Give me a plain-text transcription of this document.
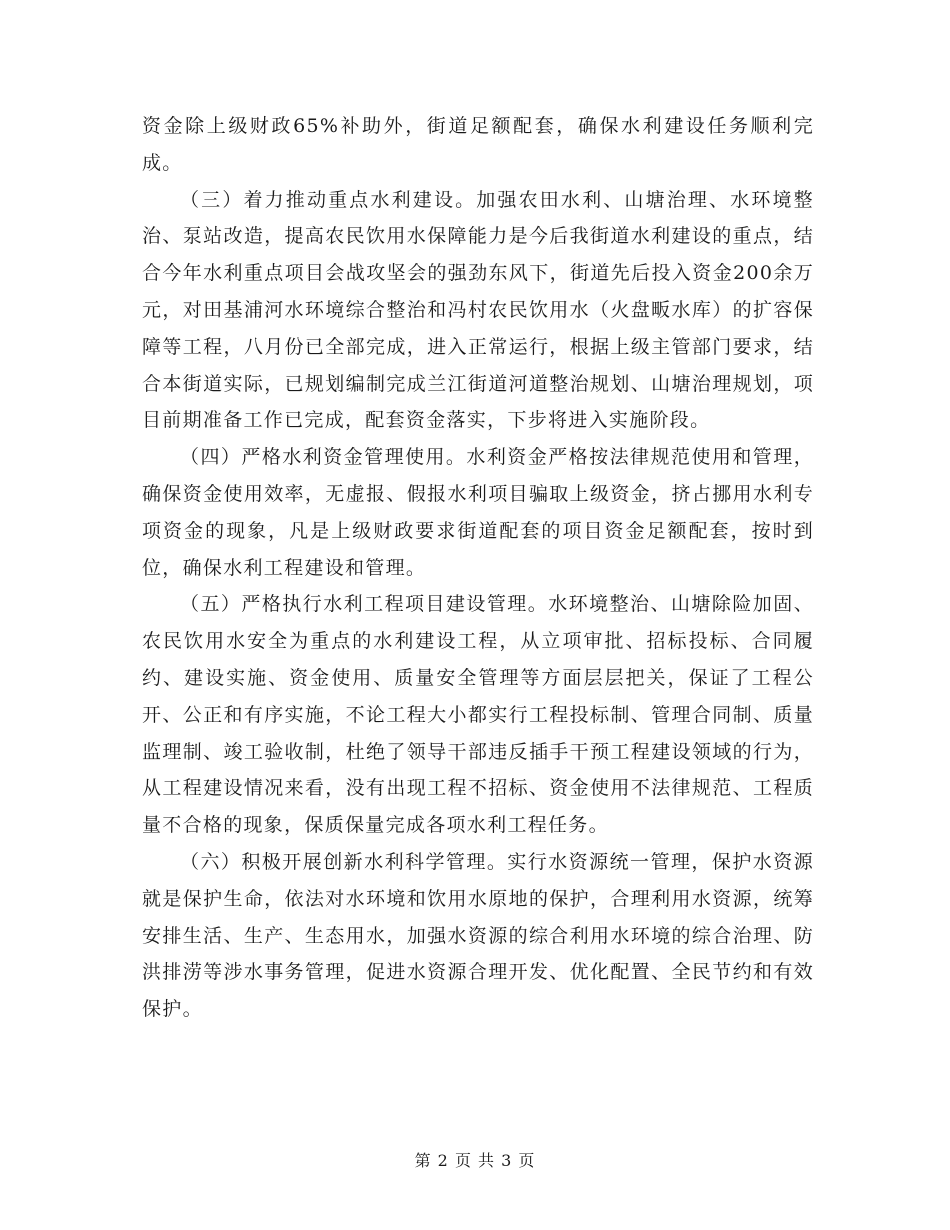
资金除上级财政65%补助外，街道足额配套，确保水利建设任务顺利完成。

（三）着力推动重点水利建设。加强农田水利、山塘治理、水环境整治、泵站改造，提高农民饮用水保障能力是今后我街道水利建设的重点，结合今年水利重点项目会战攻坚会的强劲东风下，街道先后投入资金200余万元，对田基浦河水环境综合整治和冯村农民饮用水（火盘畈水库）的扩容保障等工程，八月份已全部完成，进入正常运行，根据上级主管部门要求，结合本街道实际，已规划编制完成兰江街道河道整治规划、山塘治理规划，项目前期准备工作已完成，配套资金落实，下步将进入实施阶段。

（四）严格水利资金管理使用。水利资金严格按法律规范使用和管理，确保资金使用效率，无虚报、假报水利项目骗取上级资金，挤占挪用水利专项资金的现象，凡是上级财政要求街道配套的项目资金足额配套，按时到位，确保水利工程建设和管理。

（五）严格执行水利工程项目建设管理。水环境整治、山塘除险加固、农民饮用水安全为重点的水利建设工程，从立项审批、招标投标、合同履约、建设实施、资金使用、质量安全管理等方面层层把关，保证了工程公开、公正和有序实施，不论工程大小都实行工程投标制、管理合同制、质量监理制、竣工验收制，杜绝了领导干部违反插手干预工程建设领域的行为，从工程建设情况来看，没有出现工程不招标、资金使用不法律规范、工程质量不合格的现象，保质保量完成各项水利工程任务。

（六）积极开展创新水利科学管理。实行水资源统一管理，保护水资源就是保护生命，依法对水环境和饮用水原地的保护，合理利用水资源，统筹安排生活、生产、生态用水，加强水资源的综合利用水环境的综合治理、防洪排涝等涉水事务管理，促进水资源合理开发、优化配置、全民节约和有效保护。

第 2 页 共 3 页
